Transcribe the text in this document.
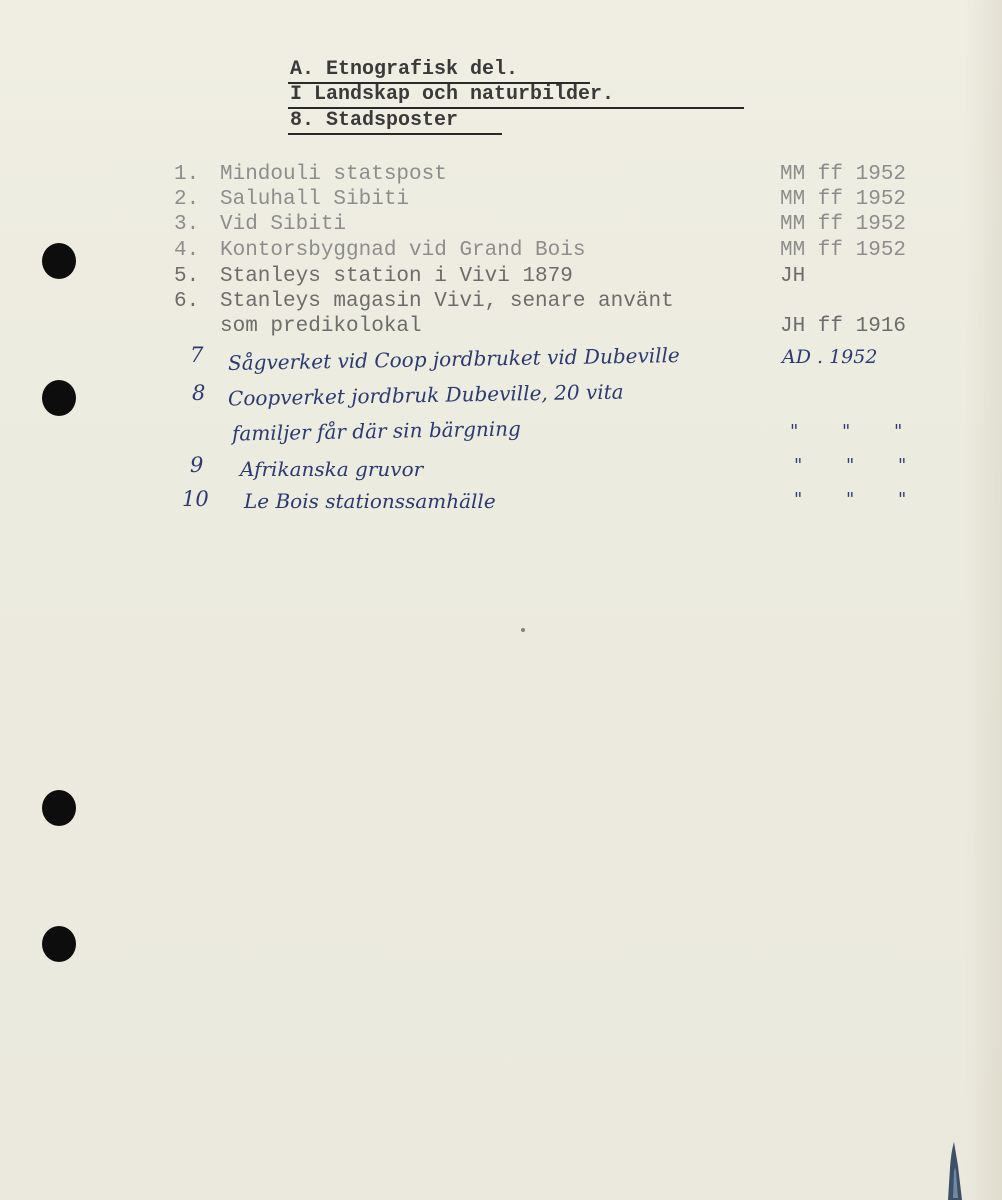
A. Etnografisk del.
I Landskap och naturbilder.
8. Stadsposter
1. Mindouli statspost	MM ff 1952
2. Saluhall Sibiti	MM ff 1952
3. Vid Sibiti	MM ff 1952
4. Kontorsbyggnad vid Grand Bois	MM ff 1952
5. Stanleys station i Vivi 1879	JH
6. Stanleys magasin Vivi, senare använt
som predikolokal	JH ff 1916
7 Sågverket vid Coop jordbruket vid Dubeville	AD . 1952
8 Coopverket jordbruk Dubeville, 20 vita
familjer får där sin bärgning	" " "
9 Afrikanska gruvor	" " "
10 Le Bois stationssamhälle	" " "
